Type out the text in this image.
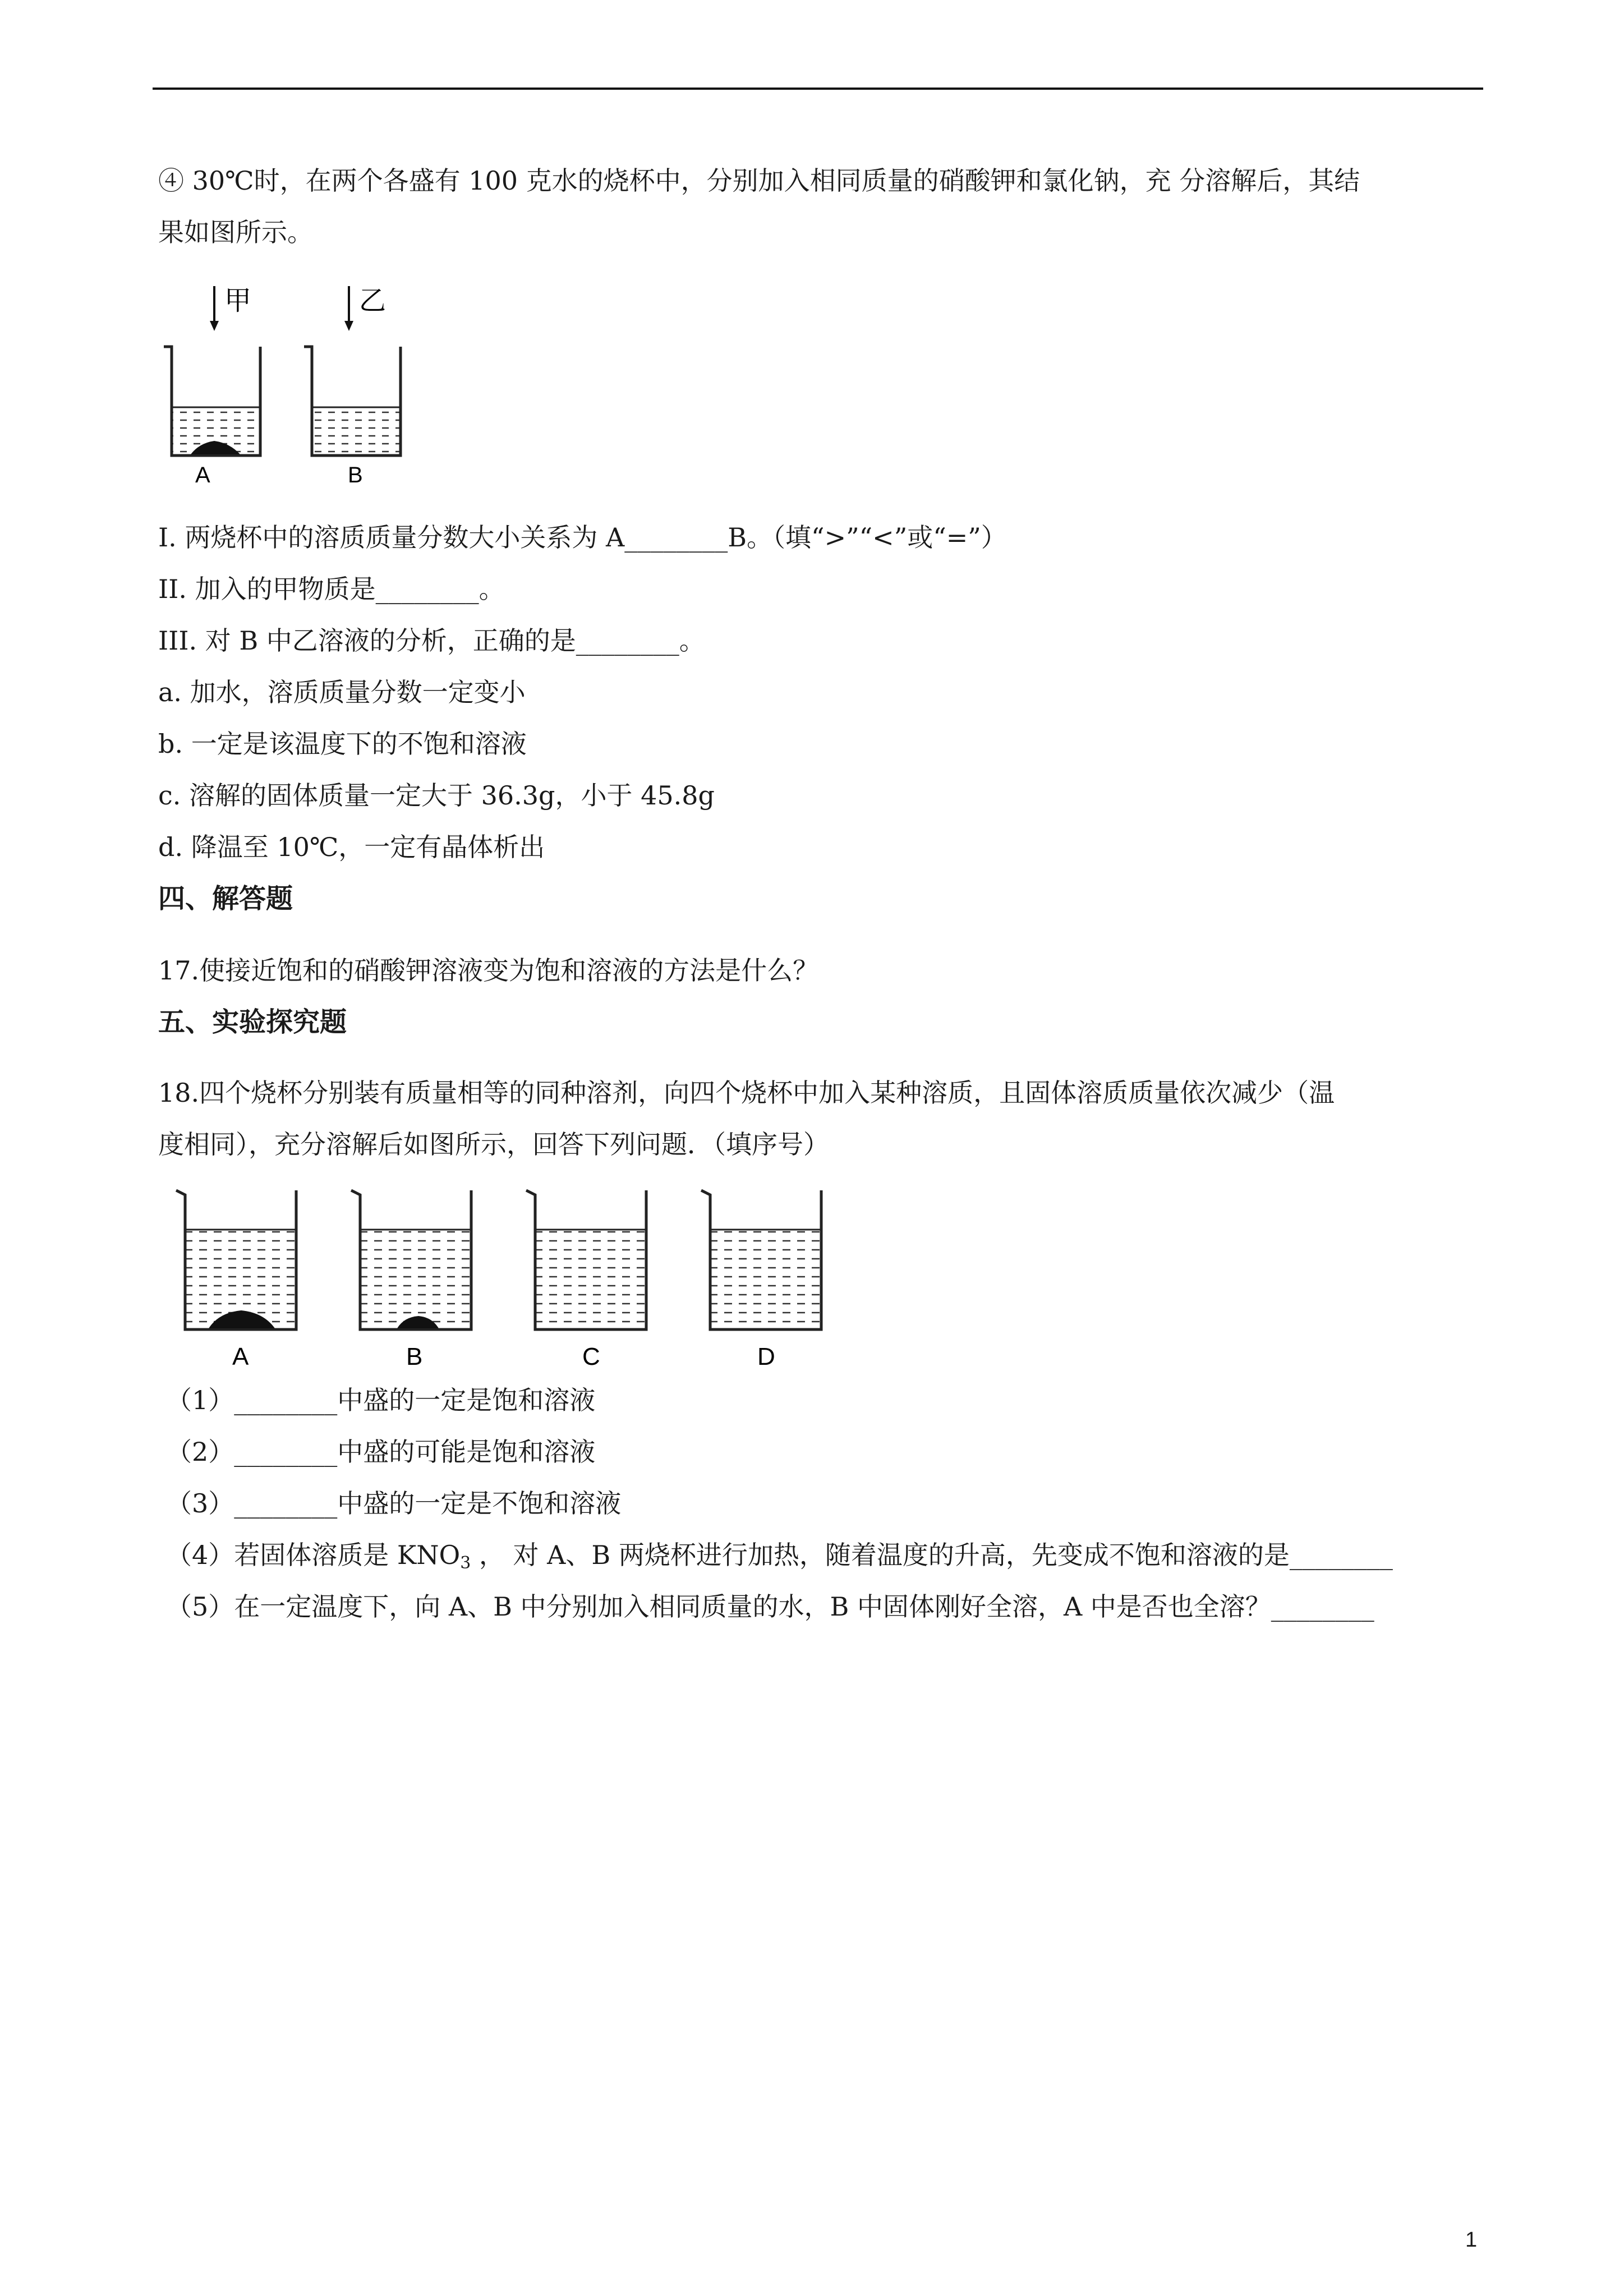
④ 30℃时，在两个各盛有 100 克水的烧杯中，分别加入相同质量的硝酸钾和氯化钠，充 分溶解后，其结
果如图所示。
甲	乙
A	B
I. 两烧杯中的溶质质量分数大小关系为 A________B。（填“>”“<”或“=”）
II. 加入的甲物质是________。
III. 对 B 中乙溶液的分析，正确的是________。
a. 加水，溶质质量分数一定变小
b. 一定是该温度下的不饱和溶液
c. 溶解的固体质量一定大于 36.3g，小于 45.8g
d. 降温至 10℃，一定有晶体析出
四、解答题
17.使接近饱和的硝酸钾溶液变为饱和溶液的方法是什么？
五、实验探究题
18.四个烧杯分别装有质量相等的同种溶剂，向四个烧杯中加入某种溶质，且固体溶质质量依次减少（温
度相同），充分溶解后如图所示，回答下列问题．（填序号）
A	B	C	D
（1）________中盛的一定是饱和溶液
（2）________中盛的可能是饱和溶液
（3）________中盛的一定是不饱和溶液
（4）若固体溶质是 $KNO_3$ ， 对 A、B 两烧杯进行加热，随着温度的升高，先变成不饱和溶液的是________
（5）在一定温度下，向 A、B 中分别加入相同质量的水，B 中固体刚好全溶，A 中是否也全溶？________
1
